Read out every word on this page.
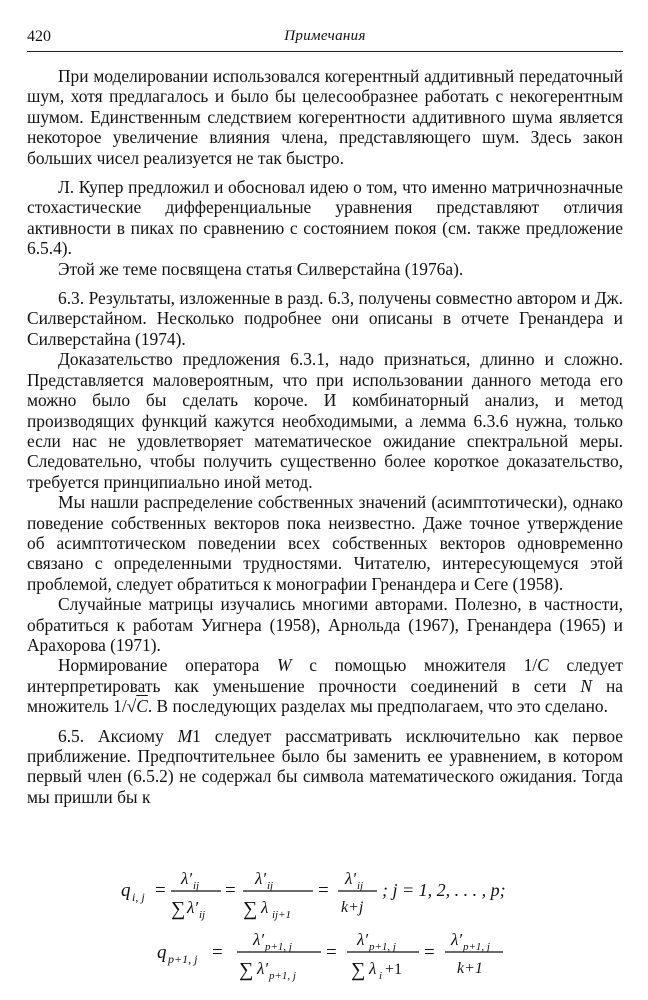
420	Примечания

При моделировании использовался когерентный аддитивный передаточный шум, хотя предлагалось и было бы целесообразнее работать с некогерентным шумом. Единственным следствием когерентности аддитивного шума является некоторое увеличение влияния члена, представляющего шум. Здесь закон больших чисел реализуется не так быстро.

Л. Купер предложил и обосновал идею о том, что именно матричнозначные стохастические дифференциальные уравнения представляют отличия активности в пиках по сравнению с состоянием покоя (см. также предложение 6.5.4).

Этой же теме посвящена статья Силверстайна (1976а).

6.3. Результаты, изложенные в разд. 6.3, получены совместно автором и Дж. Силверстайном. Несколько подробнее они описаны в отчете Гренандера и Силверстайна (1974).

Доказательство предложения 6.3.1, надо признаться, длинно и сложно. Представляется маловероятным, что при использовании данного метода его можно было бы сделать короче. И комбинаторный анализ, и метод производящих функций кажутся необходимыми, а лемма 6.3.6 нужна, только если нас не удовлетворяет математическое ожидание спектральной меры. Следовательно, чтобы получить существенно более короткое доказательство, требуется принципиально иной метод.

Мы нашли распределение собственных значений (асимптотически), однако поведение собственных векторов пока неизвестно. Даже точное утверждение об асимптотическом поведении всех собственных векторов одновременно связано с определенными трудностями. Читателю, интересующемуся этой проблемой, следует обратиться к монографии Гренандера и Сеге (1958).

Случайные матрицы изучались многими авторами. Полезно, в частности, обратиться к работам Уигнера (1958), Арнольда (1967), Гренандера (1965) и Арахорова (1971).

Нормирование оператора W с помощью множителя 1/C следует интерпретировать как уменьшение прочности соединений в сети N на множитель 1/√C. В последующих разделах мы предполагаем, что это сделано.

6.5. Аксиому M1 следует рассматривать исключительно как первое приближение. Предпочтительнее было бы заменить ее уравнением, в котором первый член (6.5.2) не содержал бы символа математического ожидания. Тогда мы пришли бы к

q i, j =
λ′ ij
∑ λ′ ij
=
λ′ ij
∑ λ ij+1
=
λ′ ij
k+j
; j = 1, 2, . . . , p;
q p+1, j =
λ′ p+1, j
∑ λ′ p+1, j
=
λ′ p+1, j
∑ λ i +1
=
λ′ p+1, j
k+1
